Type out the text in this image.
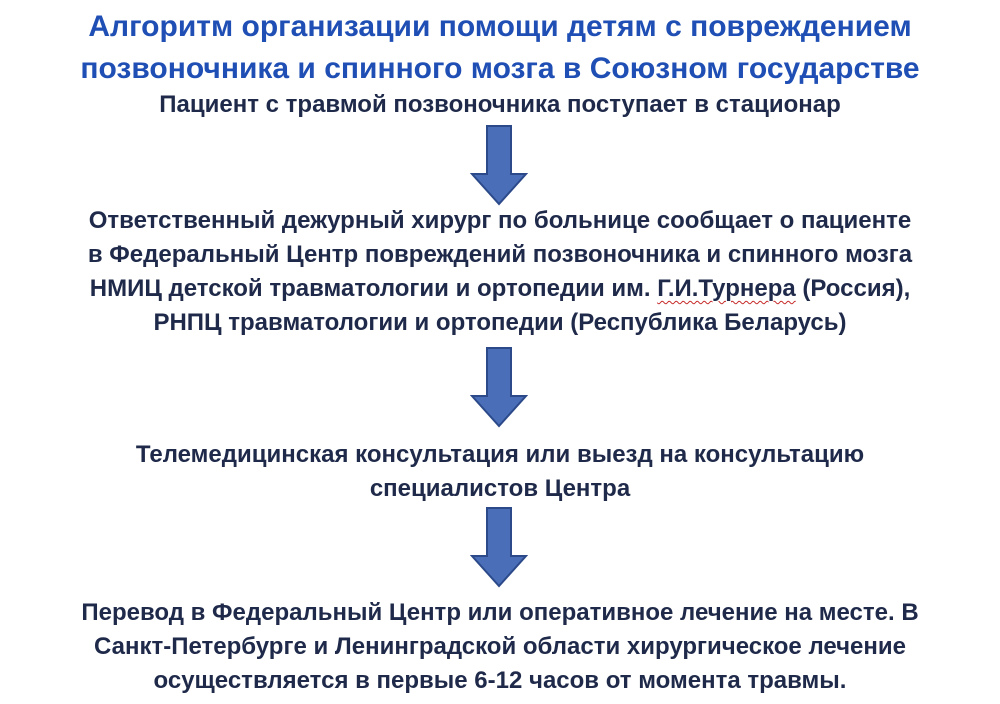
Алгоритм организации помощи детям с повреждением
позвоночника и спинного мозга в Союзном государстве
Пациент с травмой позвоночника поступает в стационар
Ответственный дежурный хирург по больнице сообщает о пациенте
в Федеральный Центр повреждений позвоночника и спинного мозга
НМИЦ детской травматологии и ортопедии им. Г.И.Турнера (Россия),
РНПЦ травматологии и ортопедии (Республика Беларусь)
Телемедицинская консультация или выезд на консультацию
специалистов Центра
Перевод в Федеральный Центр или оперативное лечение на месте. В
Санкт-Петербурге и Ленинградской области хирургическое лечение
осуществляется в первые 6-12 часов от момента травмы.
